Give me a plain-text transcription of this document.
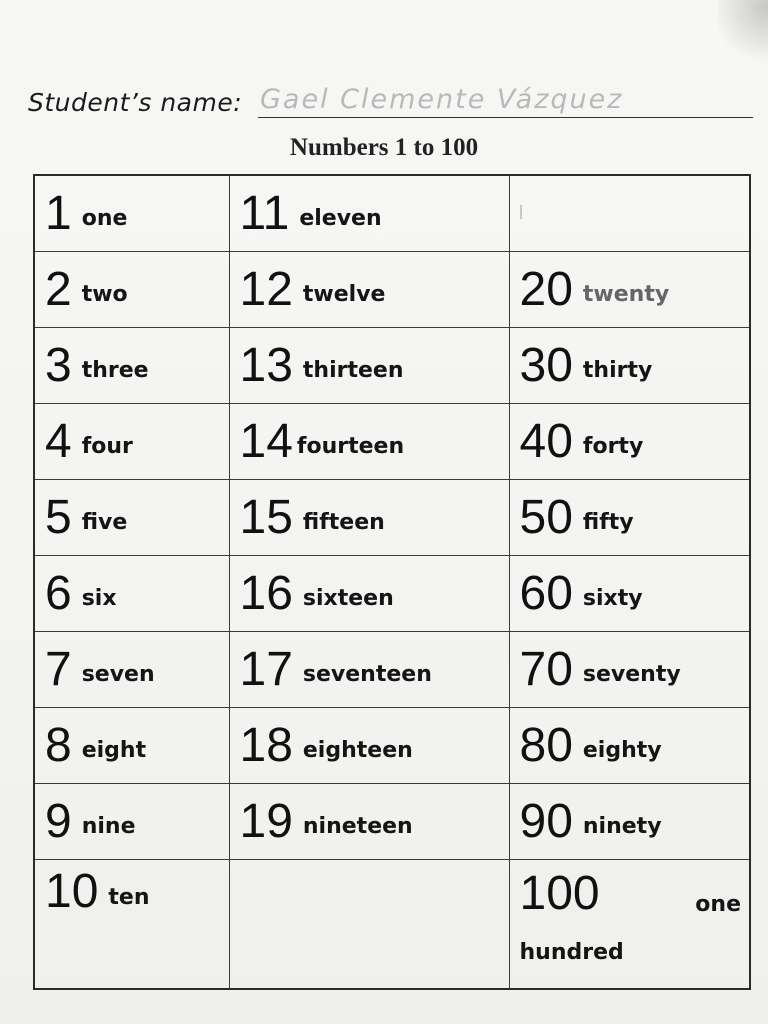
Student’s name: Gael Clemente Vázquez
Numbers 1 to 100
1 one	11 eleven	
2 two	12 twelve	20 twenty
3 three	13 thirteen	30 thirty
4 four	14 fourteen	40 forty
5 five	15 fifteen	50 fifty
6 six	16 sixteen	60 sixty
7 seven	17 seventeen	70 seventy
8 eight	18 eighteen	80 eighty
9 nine	19 nineteen	90 ninety
10 ten		100 one
hundred
